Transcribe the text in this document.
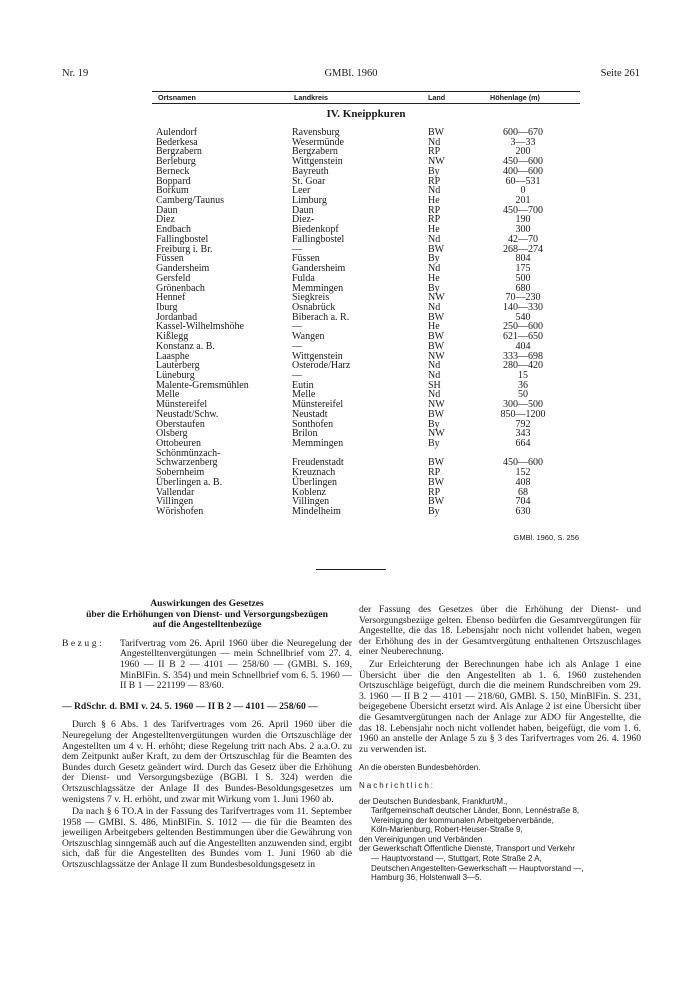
Nr. 19	GMBl. 1960	Seite 261
Ortsnamen	Landkreis	Land	Höhenlage (m)
IV. Kneippkuren
Aulendorf	Ravensburg	BW	600—670
Bederkesa	Wesermünde	Nd	3—33
Bergzabern	Bergzabern	RP	200
Berleburg	Wittgenstein	NW	450—600
Berneck	Bayreuth	By	400—600
Boppard	St. Goar	RP	60—531
Borkum	Leer	Nd	0
Camberg/Taunus	Limburg	He	201
Daun	Daun	RP	450—700
Diez	Diez-	RP	190
Endbach	Biedenkopf	He	300
Fallingbostel	Fallingbostel	Nd	42—70
Freiburg i. Br.	—	BW	268—274
Füssen	Füssen	By	804
Gandersheim	Gandersheim	Nd	175
Gersfeld	Fulda	He	500
Grönenbach	Memmingen	By	680
Hennef	Siegkreis	NW	70—230
Iburg	Osnabrück	Nd	140—330
Jordanbad	Biberach a. R.	BW	540
Kassel-Wilhelmshöhe	—	He	250—600
Kißlegg	Wangen	BW	621—650
Konstanz a. B.	—	BW	404
Laasphe	Wittgenstein	NW	333—698
Lauterberg	Osterode/Harz	Nd	280—420
Lüneburg	—	Nd	15
Malente-Gremsmühlen	Eutin	SH	36
Melle	Melle	Nd	50
Münstereifel	Münstereifel	NW	300—500
Neustadt/Schw.	Neustadt	BW	850—1200
Oberstaufen	Sonthofen	By	792
Olsberg	Brilon	NW	343
Ottobeuren	Memmingen	By	664
Schönmünzach-
Schwarzenberg	Freudenstadt	BW	450—600
Sobernheim	Kreuznach	RP	152
Überlingen a. B.	Überlingen	BW	408
Vallendar	Koblenz	RP	68
Villingen	Villingen	BW	704
Wörishofen	Mindelheim	By	630
GMBl. 1960, S. 256
Auswirkungen des Gesetzes
über die Erhöhungen von Dienst- und Versorgungsbezügen
auf die Angestelltenbezüge
Bezug:	Tarifvertrag vom 26. April 1960 über die Neuregelung der Angestelltenvergütungen — mein Schnellbrief vom 27. 4. 1960 — II B 2 — 4101 — 258/60 — (GMBl. S. 169, MinBlFin. S. 354) und mein Schnellbrief vom 6. 5. 1960 — II B 1 — 221199 — 83/60.
— RdSchr. d. BMI v. 24. 5. 1960 — II B 2 — 4101 — 258/60 —

Durch § 6 Abs. 1 des Tarifvertrages vom 26. April 1960 über die Neuregelung der Angestelltenvergütungen wurden die Ortszuschläge der Angestellten um 4 v. H. erhöht; diese Regelung tritt nach Abs. 2 a.a.O. zu dem Zeitpunkt außer Kraft, zu dem der Ortszuschlag für die Beamten des Bundes durch Gesetz geändert wird. Durch das Gesetz über die Erhöhung der Dienst- und Versorgungsbezüge (BGBl. I S. 324) werden die Ortszuschlagssätze der Anlage II des Bundes-Besoldungsgesetzes um wenigstens 7 v. H. erhöht, und zwar mit Wirkung vom 1. Juni 1960 ab.

Da nach § 6 TO.A in der Fassung des Tarifvertrages vom 11. September 1958 — GMBl. S. 486, MinBlFin. S. 1012 — die für die Beamten des jeweiligen Arbeitgebers geltenden Bestimmungen über die Gewährung von Ortszuschlag sinngemäß auch auf die Angestellten anzuwenden sind, ergibt sich, daß für die Angestellten des Bundes vom 1. Juni 1960 ab die Ortszuschlagssätze der Anlage II zum Bundesbesoldungsgesetz in

der Fassung des Gesetzes über die Erhöhung der Dienst- und Versorgungsbezüge gelten. Ebenso bedürfen die Gesamtvergütungen für Angestellte, die das 18. Lebensjahr noch nicht vollendet haben, wegen der Erhöhung des in der Gesamtvergütung enthaltenen Ortszuschlages einer Neuberechnung.

Zur Erleichterung der Berechnungen habe ich als Anlage 1 eine Übersicht über die den Angestellten ab 1. 6. 1960 zustehenden Ortszuschläge beigefügt, durch die die meinem Rundschreiben vom 29. 3. 1960 — II B 2 — 4101 — 218/60, GMBl. S. 150, MinBlFin. S. 231, beigegebene Übersicht ersetzt wird. Als Anlage 2 ist eine Übersicht über die Gesamtvergütungen nach der Anlage zur ADO für Angestellte, die das 18. Lebensjahr noch nicht vollendet haben, beigefügt, die vom 1. 6. 1960 an anstelle der Anlage 5 zu § 3 des Tarifvertrages vom 26. 4. 1960 zu verwenden ist.

An die obersten Bundesbehörden.
Nachrichtlich:
der Deutschen Bundesbank, Frankfurt/M.,
Tarifgemeinschaft deutscher Länder, Bonn, Lennéstraße 8,
Vereinigung der kommunalen Arbeitgeberverbände,
Köln-Marienburg, Robert-Heuser-Straße 9,
den Vereinigungen und Verbänden
der Gewerkschaft Öffentliche Dienste, Transport und Verkehr
— Hauptvorstand —, Stuttgart, Rote Straße 2 A,
Deutschen Angestellten-Gewerkschaft — Hauptvorstand —,
Hamburg 36, Holstenwall 3—5.
